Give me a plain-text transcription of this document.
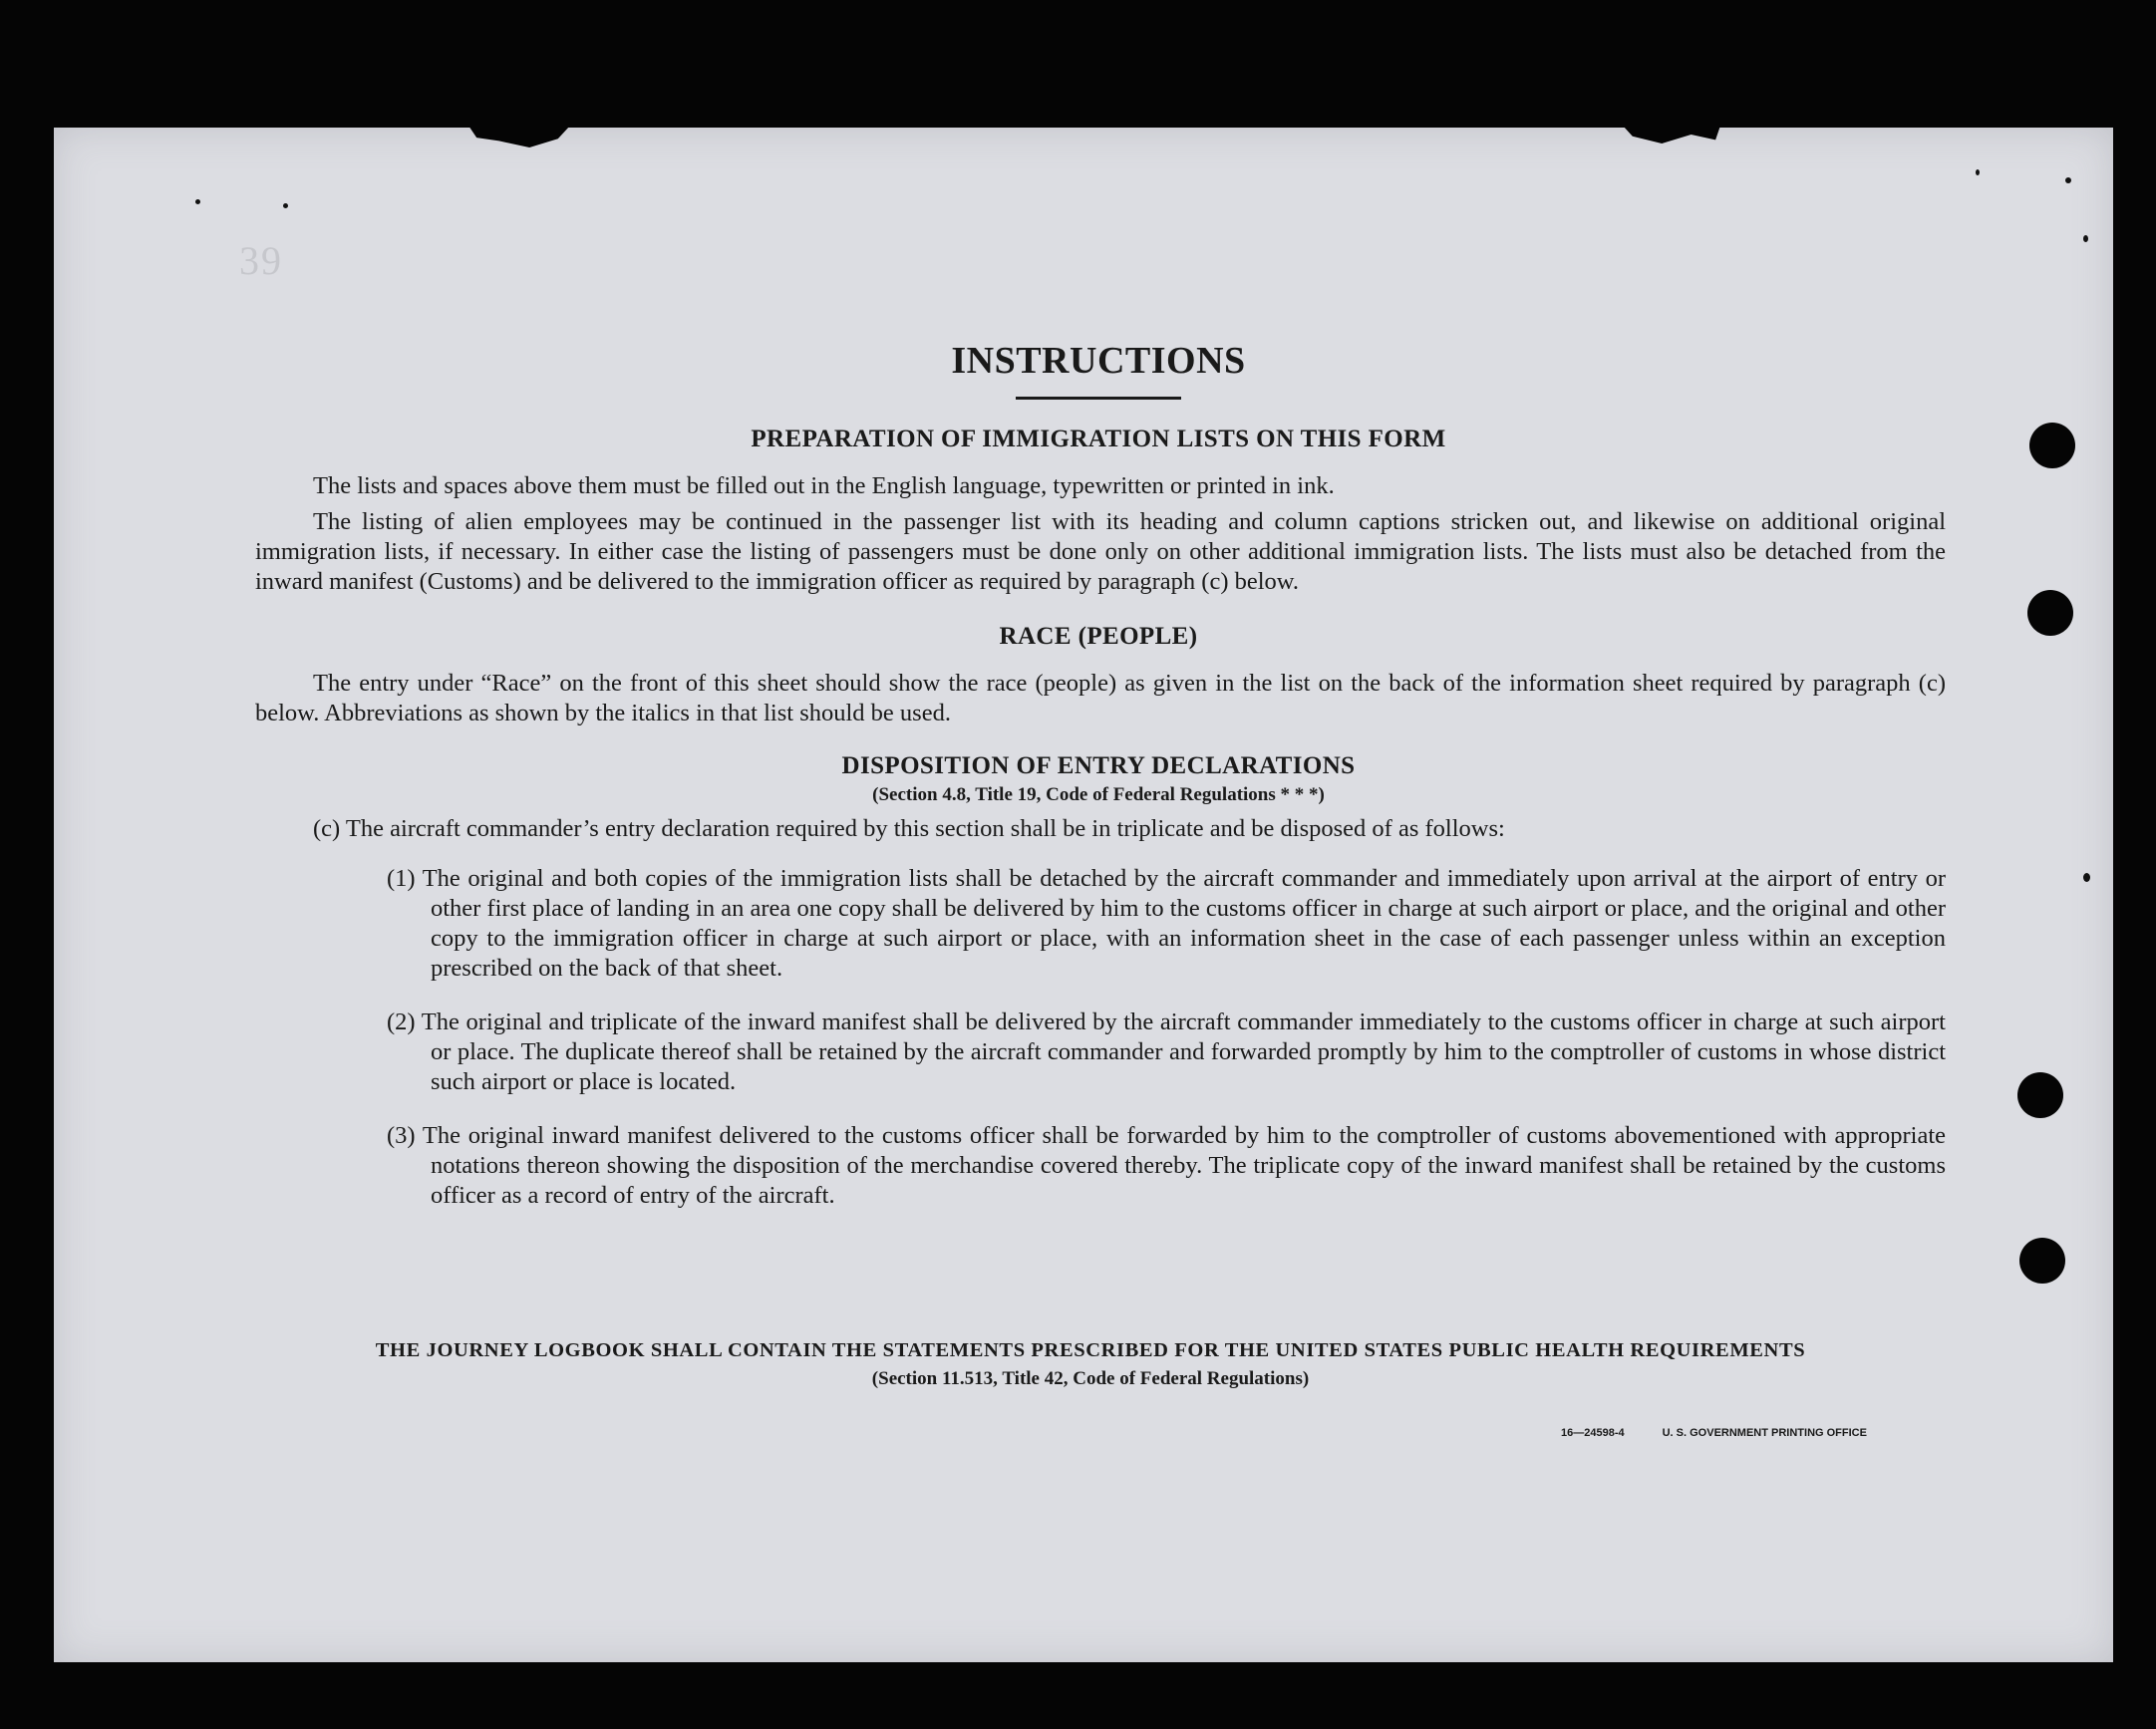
39
INSTRUCTIONS
PREPARATION OF IMMIGRATION LISTS ON THIS FORM

The lists and spaces above them must be filled out in the English language, typewritten or printed in ink.

The listing of alien employees may be continued in the passenger list with its heading and column captions stricken out, and likewise on additional original immigration lists, if necessary. In either case the listing of passengers must be done only on other additional immigration lists. The lists must also be detached from the inward manifest (Customs) and be delivered to the immigration officer as required by paragraph (c) below.

RACE (PEOPLE)

The entry under “Race” on the front of this sheet should show the race (people) as given in the list on the back of the information sheet required by paragraph (c) below. Abbreviations as shown by the italics in that list should be used.

DISPOSITION OF ENTRY DECLARATIONS
(Section 4.8, Title 19, Code of Federal Regulations * * *)

(c) The aircraft commander’s entry declaration required by this section shall be in triplicate and be disposed of as follows:

(1) The original and both copies of the immigration lists shall be detached by the aircraft commander and immediately upon arrival at the airport of entry or other first place of landing in an area one copy shall be delivered by him to the customs officer in charge at such airport or place, and the original and other copy to the immigration officer in charge at such airport or place, with an information sheet in the case of each passenger unless within an exception prescribed on the back of that sheet.

(2) The original and triplicate of the inward manifest shall be delivered by the aircraft commander immediately to the customs officer in charge at such airport or place. The duplicate thereof shall be retained by the aircraft commander and forwarded promptly by him to the comptroller of customs in whose district such airport or place is located.

(3) The original inward manifest delivered to the customs officer shall be forwarded by him to the comptroller of customs abovementioned with appropriate notations thereon showing the disposition of the merchandise covered thereby. The triplicate copy of the inward manifest shall be retained by the customs officer as a record of entry of the aircraft.

THE JOURNEY LOGBOOK SHALL CONTAIN THE STATEMENTS PRESCRIBED FOR THE UNITED STATES PUBLIC HEALTH REQUIREMENTS
(Section 11.513, Title 42, Code of Federal Regulations)
16—24598-4	U. S. GOVERNMENT PRINTING OFFICE
